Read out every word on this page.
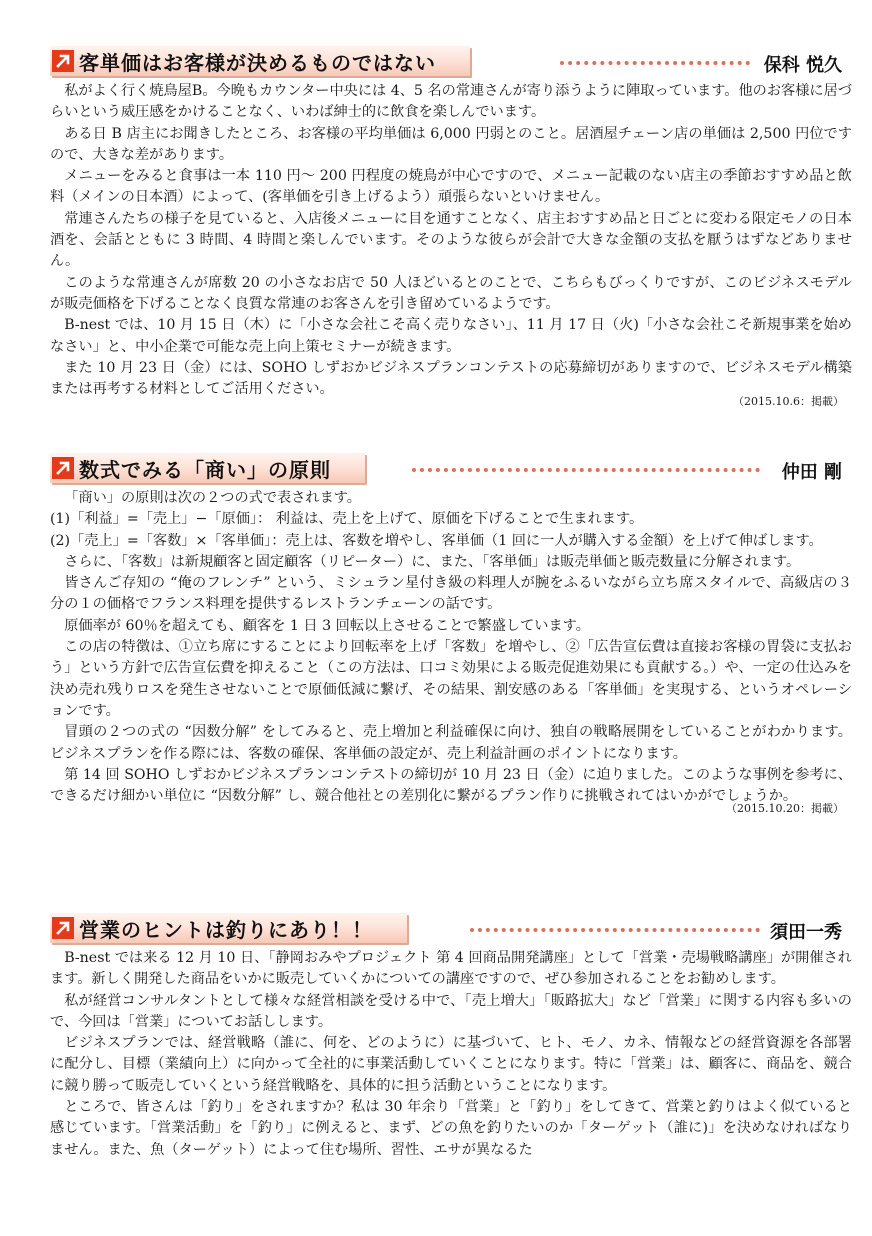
客単価はお客様が決めるものではない	保科 悦久

私がよく行く焼鳥屋B。今晩もカウンター中央には 4、5 名の常連さんが寄り添うように陣取っています。他のお客様に居づらいという威圧感をかけることなく、いわば紳士的に飲食を楽しんでいます。

ある日 B 店主にお聞きしたところ、お客様の平均単価は 6,000 円弱とのこと。居酒屋チェーン店の単価は 2,500 円位ですので、大きな差があります。

メニューをみると食事は一本 110 円〜 200 円程度の焼鳥が中心ですので、メニュー記載のない店主の季節おすすめ品と飲料（メインの日本酒）によって、(客単価を引き上げるよう）頑張らないといけません。

常連さんたちの様子を見ていると、入店後メニューに目を通すことなく、店主おすすめ品と日ごとに変わる限定モノの日本酒を、会話とともに 3 時間、4 時間と楽しんでいます。そのような彼らが会計で大きな金額の支払を厭うはずなどありません。

このような常連さんが席数 20 の小さなお店で 50 人ほどいるとのことで、こちらもびっくりですが、このビジネスモデルが販売価格を下げることなく良質な常連のお客さんを引き留めているようです。

B-nest では、10 月 15 日（木）に「小さな会社こそ高く売りなさい」、11 月 17 日（火)「小さな会社こそ新規事業を始めなさい」と、中小企業で可能な売上向上策セミナーが続きます。

また 10 月 23 日（金）には、SOHO しずおかビジネスプランコンテストの応募締切がありますので、ビジネスモデル構築または再考する材料としてご活用ください。

（2015.10.6：掲載）
数式でみる「商い」の原則	仲田 剛

「商い」の原則は次の２つの式で表されます。

(1)「利益」=「売上」−「原価」： 利益は、売上を上げて、原価を下げることで生まれます。

(2)「売上」=「客数」×「客単価」：売上は、客数を増やし、客単価（1 回に一人が購入する金額）を上げて伸ばします。

さらに、「客数」は新規顧客と固定顧客（リピーター）に、また、「客単価」は販売単価と販売数量に分解されます。

皆さんご存知の “俺のフレンチ” という、ミシュラン星付き級の料理人が腕をふるいながら立ち席スタイルで、高級店の３分の１の価格でフランス料理を提供するレストランチェーンの話です。

原価率が 60％を超えても、顧客を 1 日 3 回転以上させることで繁盛しています。

この店の特徴は、①立ち席にすることにより回転率を上げ「客数」を増やし、②「広告宣伝費は直接お客様の胃袋に支払おう」という方針で広告宣伝費を抑えること（この方法は、口コミ効果による販売促進効果にも貢献する。）や、一定の仕込みを決め売れ残りロスを発生させないことで原価低減に繋げ、その結果、割安感のある「客単価」を実現する、というオペレーションです。

冒頭の２つの式の “因数分解” をしてみると、売上増加と利益確保に向け、独自の戦略展開をしていることがわかります。ビジネスプランを作る際には、客数の確保、客単価の設定が、売上利益計画のポイントになります。

第 14 回 SOHO しずおかビジネスプランコンテストの締切が 10 月 23 日（金）に迫りました。このような事例を参考に、できるだけ細かい単位に “因数分解” し、競合他社との差別化に繋がるプラン作りに挑戦されてはいかがでしょうか。

（2015.10.20：掲載）
営業のヒントは釣りにあり！！	須田一秀

B-nest では来る 12 月 10 日、「静岡おみやプロジェクト 第 4 回商品開発講座」として「営業・売場戦略講座」が開催されます。新しく開発した商品をいかに販売していくかについての講座ですので、ぜひ参加されることをお勧めします。

私が経営コンサルタントとして様々な経営相談を受ける中で、「売上増大」「販路拡大」など「営業」に関する内容も多いので、今回は「営業」についてお話しします。

ビジネスプランでは、経営戦略（誰に、何を、どのように）に基づいて、ヒト、モノ、カネ、情報などの経営資源を各部署に配分し、目標（業績向上）に向かって全社的に事業活動していくことになります。特に「営業」は、顧客に、商品を、競合に競り勝って販売していくという経営戦略を、具体的に担う活動ということになります。

ところで、皆さんは「釣り」をされますか？私は 30 年余り「営業」と「釣り」をしてきて、営業と釣りはよく似ていると感じています。「営業活動」を「釣り」に例えると、まず、どの魚を釣りたいのか「ターゲット（誰に)」を決めなければなりません。また、魚（ターゲット）によって住む場所、習性、エサが異なるた
